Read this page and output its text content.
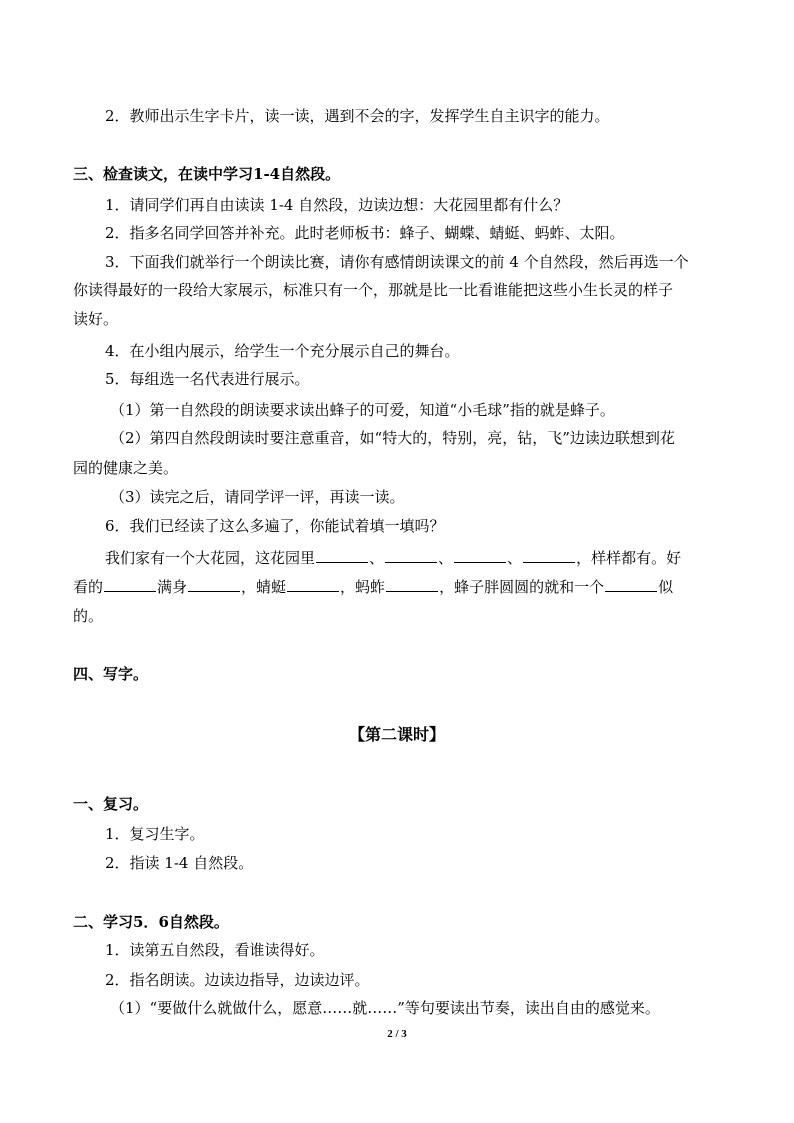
2．教师出示生字卡片，读一读，遇到不会的字，发挥学生自主识字的能力。
三、检查读文，在读中学习1-4自然段。
1．请同学们再自由读读 1-4 自然段，边读边想：大花园里都有什么？
2．指多名同学回答并补充。此时老师板书：蜂子、蝴蝶、蜻蜓、蚂蚱、太阳。
3．下面我们就举行一个朗读比赛，请你有感情朗读课文的前 4 个自然段，然后再选一个
你读得最好的一段给大家展示，标准只有一个，那就是比一比看谁能把这些小生长灵的样子
读好。
4．在小组内展示，给学生一个充分展示自己的舞台。
5．每组选一名代表进行展示。
（1）第一自然段的朗读要求读出蜂子的可爱，知道“小毛球”指的就是蜂子。
（2）第四自然段朗读时要注意重音，如“特大的，特别，亮，钻，飞”边读边联想到花
园的健康之美。
（3）读完之后，请同学评一评，再读一读。
6．我们已经读了这么多遍了，你能试着填一填吗？
我们家有一个大花园，这花园里	、	、	、	，样样都有。好
看的	满身	，蜻蜓	，蚂蚱	，蜂子胖圆圆的就和一个	似
的。
四、写字。
【第二课时】
一、复习。
1．复习生字。
2．指读 1-4 自然段。
二、学习5．6自然段。
1．读第五自然段，看谁读得好。
2．指名朗读。边读边指导，边读边评。
（1）“要做什么就做什么，愿意……就……”等句要读出节奏，读出自由的感觉来。
2 / 3
